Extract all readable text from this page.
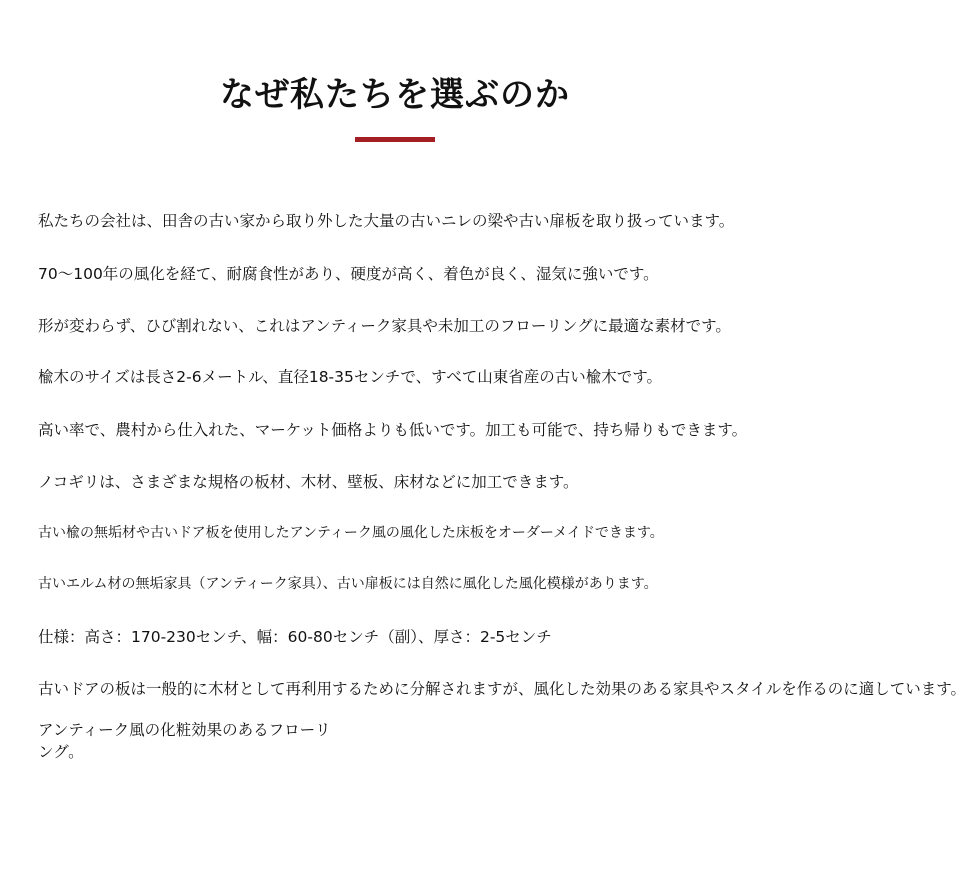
なぜ私たちを選ぶのか
私たちの会社は、田舎の古い家から取り外した大量の古いニレの梁や古い扉板を取り扱っています。
70～100年の風化を経て、耐腐食性があり、硬度が高く、着色が良く、湿気に強いです。
形が変わらず、ひび割れない、これはアンティーク家具や未加工のフローリングに最適な素材です。
楡木のサイズは長さ2-6メートル、直径18-35センチで、すべて山東省産の古い楡木です。
高い率で、農村から仕入れた、マーケット価格よりも低いです。加工も可能で、持ち帰りもできます。
ノコギリは、さまざまな規格の板材、木材、壁板、床材などに加工できます。
古い楡の無垢材や古いドア板を使用したアンティーク風の風化した床板をオーダーメイドできます。
古いエルム材の無垢家具（アンティーク家具）、古い扉板には自然に風化した風化模様があります。
仕様：高さ：170-230センチ、幅：60-80センチ（副）、厚さ：2-5センチ
古いドアの板は一般的に木材として再利用するために分解されますが、風化した効果のある家具やスタイルを作るのに適しています。
アンティーク風の化粧効果のあるフローリング。
